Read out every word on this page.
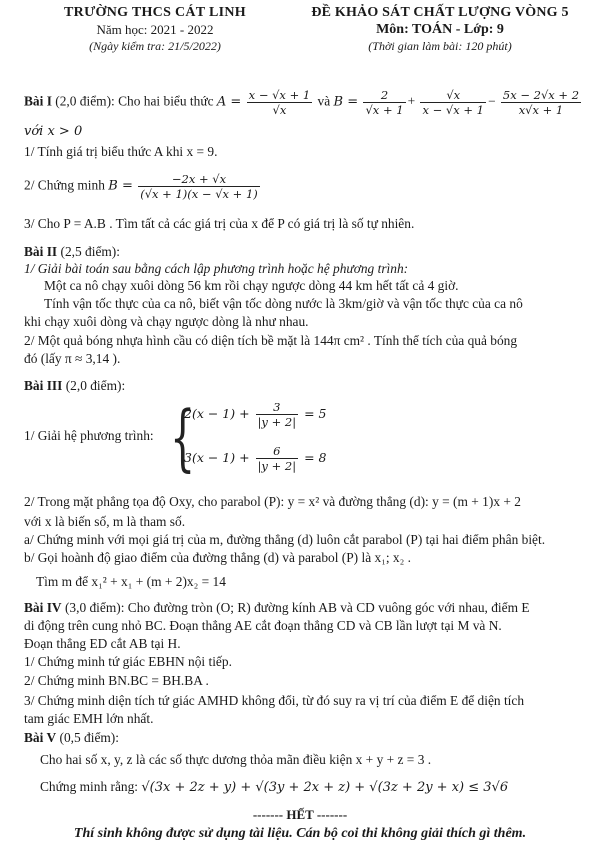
TRƯỜNG THCS CÁT LINH
Năm học: 2021 - 2022
(Ngày kiểm tra: 21/5/2022)
ĐỀ KHẢO SÁT CHẤT LƯỢNG VÒNG 5
Môn: TOÁN - Lớp: 9
(Thời gian làm bài: 120 phút)
Bài I (2,0 điểm): Cho hai biểu thức $A = \frac{x - √x + 1}{√x}$ và $B = \frac{2}{√x + 1} + \frac{√x}{x - √x + 1} - \frac{5x - 2√x + 2}{x√x + 1}$
với x > 0
1/ Tính giá trị biểu thức A khi x = 9.
2/ Chứng minh $B = \frac{-2x + √x}{(√x + 1)(x - √x + 1)}$
3/ Cho P = A.B . Tìm tất cả các giá trị của x để P có giá trị là số tự nhiên.
Bài II (2,5 điểm):
1/ Giải bài toán sau bằng cách lập phương trình hoặc hệ phương trình:
Một ca nô chạy xuôi dòng 56 km rồi chạy ngược dòng 44 km hết tất cả 4 giờ.
Tính vận tốc thực của ca nô, biết vận tốc dòng nước là 3km/giờ và vận tốc thực của ca nô
khi chạy xuôi dòng và chạy ngược dòng là như nhau.
2/ Một quả bóng nhựa hình cầu có diện tích bề mặt là 144π cm² . Tính thể tích của quả bóng
đó (lấy π ≈ 3,14 ).
Bài III (2,0 điểm):
1/ Giải hệ phương trình: {
$2(x - 1) + \frac{3}{|y + 2|} = 5$
$3(x - 1) + \frac{6}{|y + 2|} = 8$
2/ Trong mặt phẳng tọa độ Oxy, cho parabol (P): y = x² và đường thẳng (d): y = (m + 1)x + 2
với x là biến số, m là tham số.
a/ Chứng minh với mọi giá trị của m, đường thẳng (d) luôn cắt parabol (P) tại hai điểm phân biệt.
b/ Gọi hoành độ giao điểm của đường thẳng (d) và parabol (P) là x₁; x₂ .
Tìm m để x₁² + x₁ + (m + 2)x₂ = 14
Bài IV (3,0 điểm): Cho đường tròn (O; R) đường kính AB và CD vuông góc với nhau, điểm E
di động trên cung nhỏ BC. Đoạn thẳng AE cắt đoạn thẳng CD và CB lần lượt tại M và N.
Đoạn thẳng ED cắt AB tại H.
1/ Chứng minh tứ giác EBHN nội tiếp.
2/ Chứng minh BN.BC = BH.BA .
3/ Chứng minh diện tích tứ giác AMHD không đổi, từ đó suy ra vị trí của điểm E để diện tích
tam giác EMH lớn nhất.
Bài V (0,5 điểm):
Cho hai số x, y, z là các số thực dương thỏa mãn điều kiện x + y + z = 3 .
Chứng minh rằng: √(3x + 2z + y) + √(3y + 2x + z) + √(3z + 2y + x) ≤ 3√6
------- HẾT -------
Thí sinh không được sử dụng tài liệu. Cán bộ coi thi không giải thích gì thêm.
